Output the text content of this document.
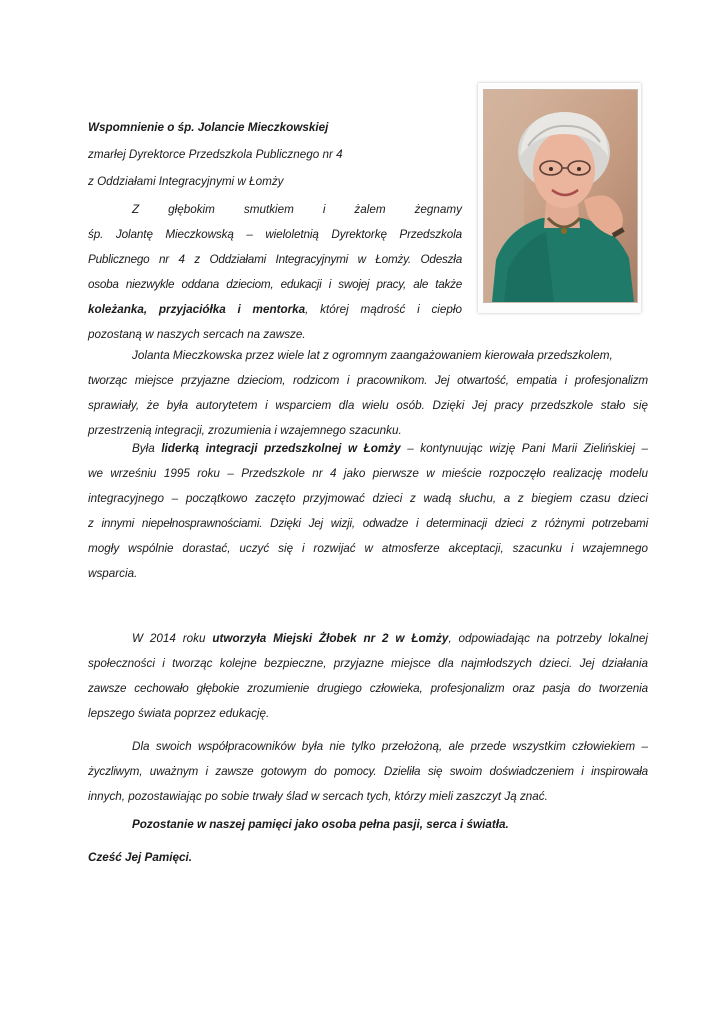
Wspomnienie o śp. Jolancie Mieczkowskiej
zmarłej Dyrektorce Przedszkola Publicznego nr 4
z Oddziałami Integracyjnymi w Łomży
Z głębokim smutkiem i żalem żegnamy
śp. Jolantę Mieczkowską – wieloletnią Dyrektorkę Przedszkola
Publicznego nr 4 z Oddziałami Integracyjnymi w Łomży. Odeszła
osoba niezwykle oddana dzieciom, edukacji i swojej pracy, ale także
koleżanka, przyjaciółka i mentorka, której mądrość i ciepło
pozostaną w naszych sercach na zawsze.
Jolanta Mieczkowska przez wiele lat z ogromnym zaangażowaniem kierowała przedszkolem,
tworząc miejsce przyjazne dzieciom, rodzicom i pracownikom. Jej otwartość, empatia i profesjonalizm
sprawiały, że była autorytetem i wsparciem dla wielu osób. Dzięki Jej pracy przedszkole stało się
przestrzenią integracji, zrozumienia i wzajemnego szacunku.
Była liderką integracji przedszkolnej w Łomży – kontynuując wizję Pani Marii Zielińskiej –
we wrześniu 1995 roku – Przedszkole nr 4 jako pierwsze w mieście rozpoczęło realizację modelu
integracyjnego – początkowo zaczęto przyjmować dzieci z wadą słuchu, a z biegiem czasu dzieci
z innymi niepełnosprawnościami. Dzięki Jej wizji, odwadze i determinacji dzieci z różnymi potrzebami
mogły wspólnie dorastać, uczyć się i rozwijać w atmosferze akceptacji, szacunku i wzajemnego
wsparcia.
W 2014 roku utworzyła Miejski Żłobek nr 2 w Łomży, odpowiadając na potrzeby lokalnej
społeczności i tworząc kolejne bezpieczne, przyjazne miejsce dla najmłodszych dzieci. Jej działania
zawsze cechowało głębokie zrozumienie drugiego człowieka, profesjonalizm oraz pasja do tworzenia
lepszego świata poprzez edukację.
Dla swoich współpracowników była nie tylko przełożoną, ale przede wszystkim człowiekiem –
życzliwym, uważnym i zawsze gotowym do pomocy. Dzieliła się swoim doświadczeniem i inspirowała
innych, pozostawiając po sobie trwały ślad w sercach tych, którzy mieli zaszczyt Ją znać.
Pozostanie w naszej pamięci jako osoba pełna pasji, serca i światła.
Cześć Jej Pamięci.
